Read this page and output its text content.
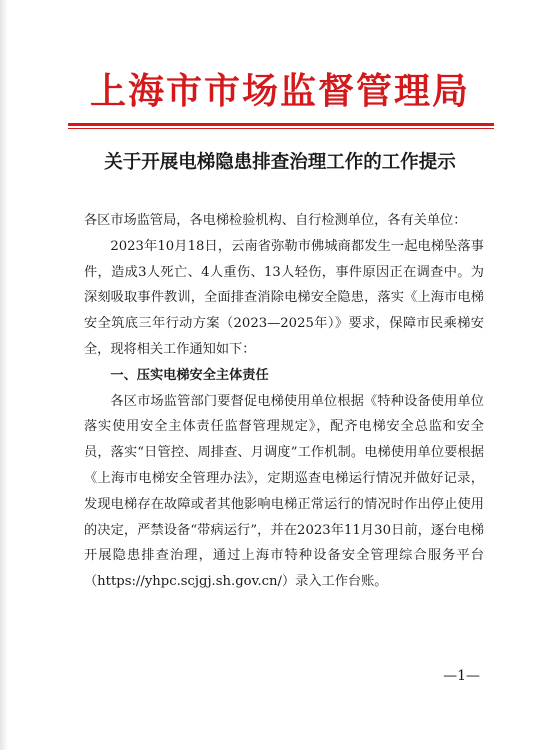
上海市市场监督管理局
关于开展电梯隐患排查治理工作的工作提示

各区市场监管局，各电梯检验机构、自行检测单位，各有关单位：

2023年10月18日，云南省弥勒市佛城商都发生一起电梯坠落事件，造成3人死亡、4人重伤、13人轻伤，事件原因正在调查中。为深刻吸取事件教训，全面排查消除电梯安全隐患，落实《上海市电梯安全筑底三年行动方案（2023—2025年）》要求，保障市民乘梯安全，现将相关工作通知如下：

一、压实电梯安全主体责任

各区市场监管部门要督促电梯使用单位根据《特种设备使用单位落实使用安全主体责任监督管理规定》，配齐电梯安全总监和安全员，落实“日管控、周排查、月调度”工作机制。电梯使用单位要根据《上海市电梯安全管理办法》，定期巡查电梯运行情况并做好记录，发现电梯存在故障或者其他影响电梯正常运行的情况时作出停止使用的决定，严禁设备“带病运行”，并在2023年11月30日前，逐台电梯开展隐患排查治理，通过上海市特种设备安全管理综合服务平台（https://yhpc.scjgj.sh.gov.cn/）录入工作台账。

—1—
